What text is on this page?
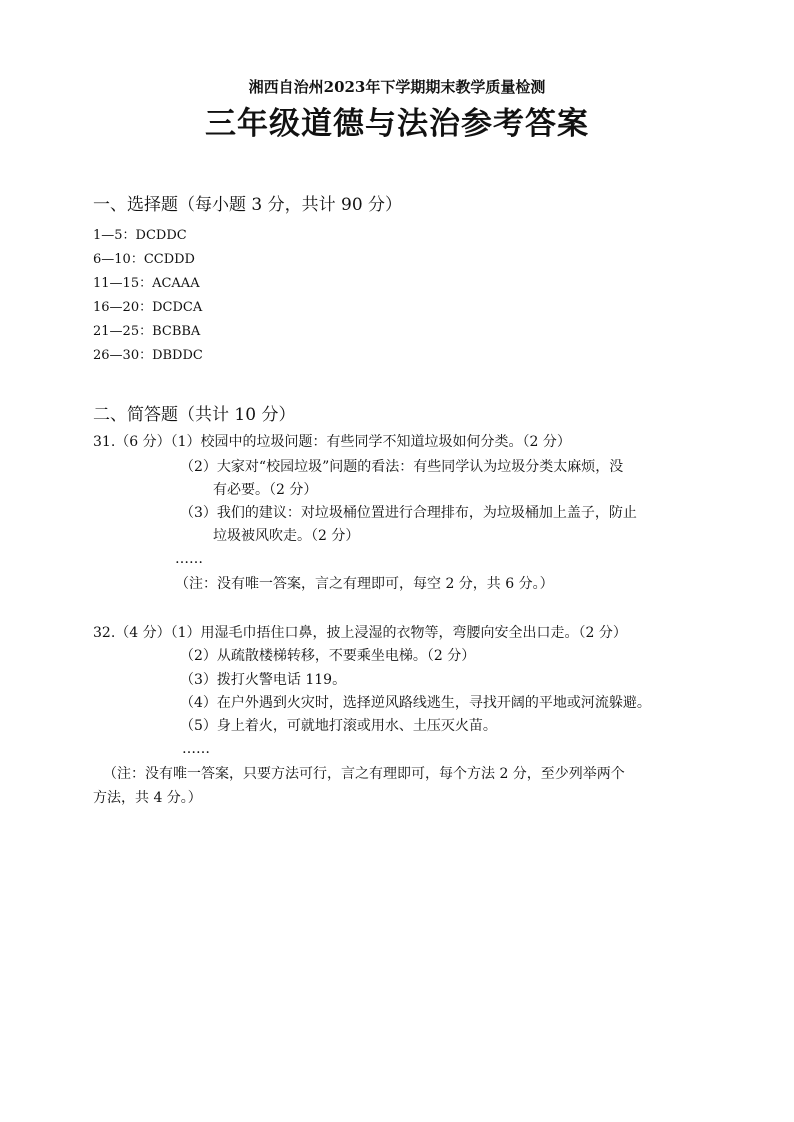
湘西自治州2023年下学期期末教学质量检测
三年级道德与法治参考答案
一、选择题（每小题 3 分，共计 90 分）
1—5：DCDDC
6—10：CCDDD
11—15：ACAAA
16—20：DCDCA
21—25：BCBBA
26—30：DBDDC
二、简答题（共计 10 分）
31.（6 分）（1）校园中的垃圾问题：有些同学不知道垃圾如何分类。（2 分）
（2）大家对“校园垃圾”问题的看法：有些同学认为垃圾分类太麻烦，没
有必要。（2 分）
（3）我们的建议：对垃圾桶位置进行合理排布，为垃圾桶加上盖子，防止
垃圾被风吹走。（2 分）
……
（注：没有唯一答案，言之有理即可，每空 2 分，共 6 分。）
32.（4 分）（1）用湿毛巾捂住口鼻，披上浸湿的衣物等，弯腰向安全出口走。（2 分）
（2）从疏散楼梯转移，不要乘坐电梯。（2 分）
（3）拨打火警电话 119。
（4）在户外遇到火灾时，选择逆风路线逃生，寻找开阔的平地或河流躲避。
（5）身上着火，可就地打滚或用水、土压灭火苗。
……
（注：没有唯一答案，只要方法可行，言之有理即可，每个方法 2 分，至少列举两个
方法，共 4 分。）
